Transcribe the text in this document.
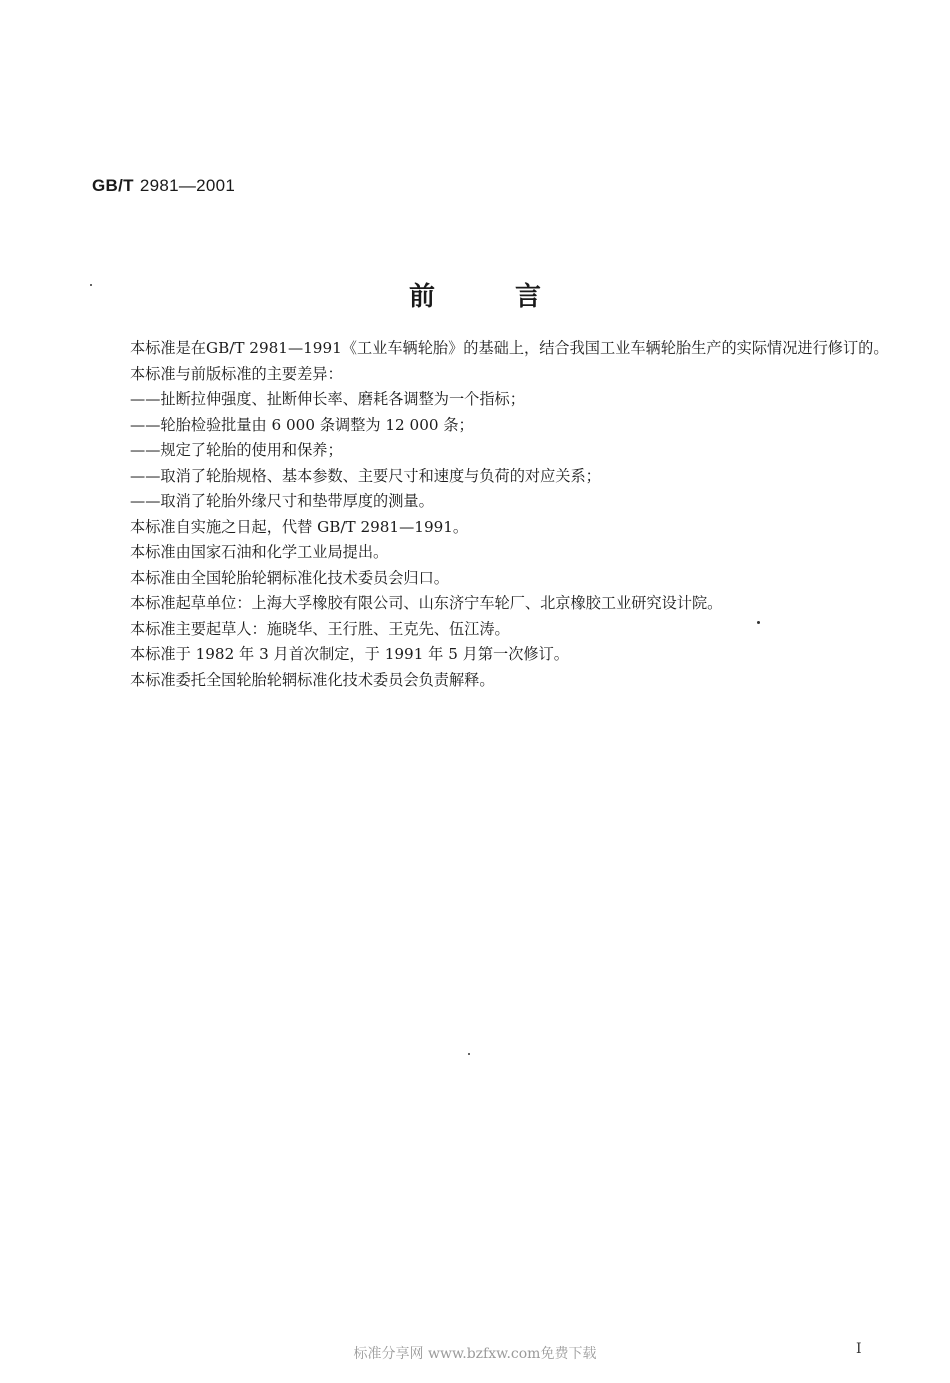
GB/T 2981—2001
前言

本标准是在GB/T 2981—1991《工业车辆轮胎》的基础上，结合我国工业车辆轮胎生产的实际情况进行修订的。

本标准与前版标准的主要差异：

——扯断拉伸强度、扯断伸长率、磨耗各调整为一个指标；

——轮胎检验批量由 6 000 条调整为 12 000 条；

——规定了轮胎的使用和保养；

——取消了轮胎规格、基本参数、主要尺寸和速度与负荷的对应关系；

——取消了轮胎外缘尺寸和垫带厚度的测量。

本标准自实施之日起，代替 GB/T 2981—1991。

本标准由国家石油和化学工业局提出。

本标准由全国轮胎轮辋标准化技术委员会归口。

本标准起草单位：上海大孚橡胶有限公司、山东济宁车轮厂、北京橡胶工业研究设计院。

本标准主要起草人：施晓华、王行胜、王克先、伍江涛。

本标准于 1982 年 3 月首次制定，于 1991 年 5 月第一次修订。

本标准委托全国轮胎轮辋标准化技术委员会负责解释。

标准分享网 www.bzfxw.com免费下载	I
